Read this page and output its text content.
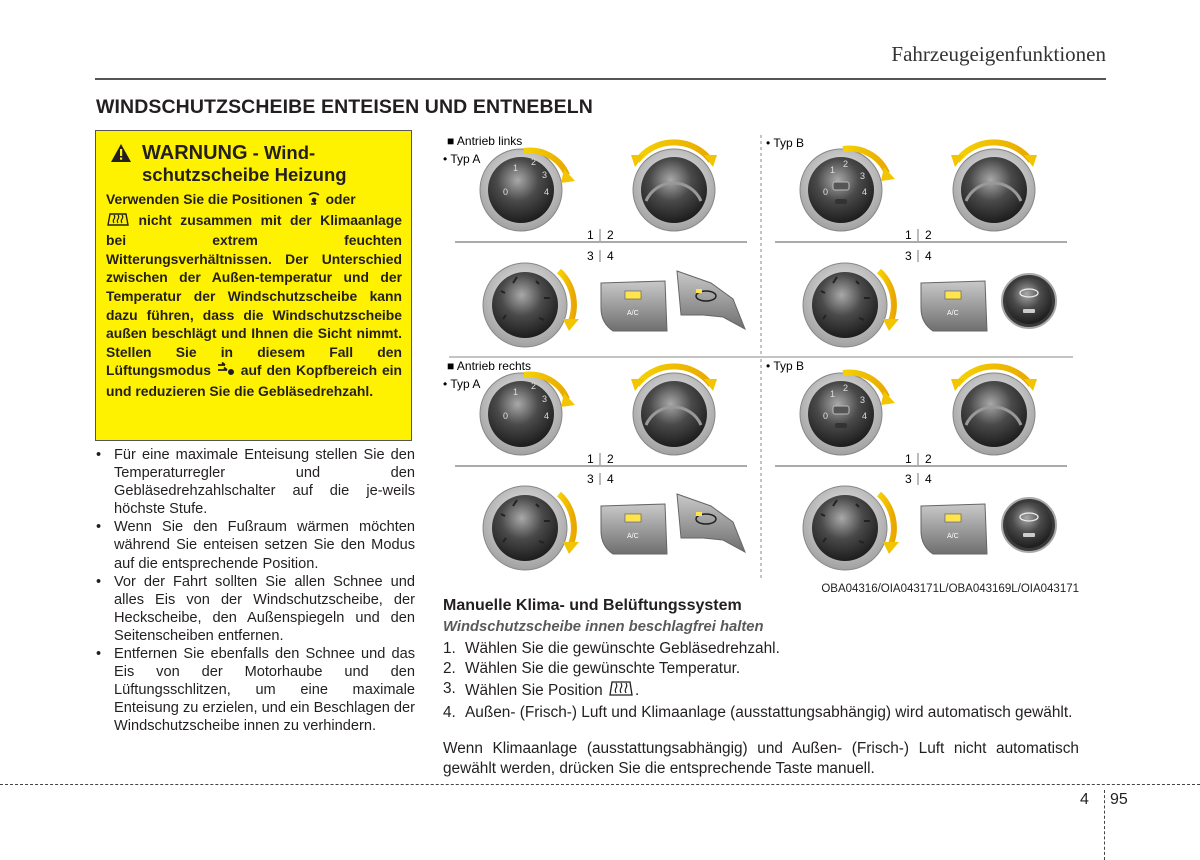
Fahrzeugeigenfunktionen
WINDSCHUTZSCHEIBE ENTEISEN UND ENTNEBELN
WARNUNG - Wind-
schutzscheibe Heizung
Verwenden Sie die Positionen oder
nicht zusammen mit der Klimaanlage bei extrem feuchten Witterungsverhältnissen. Der Unterschied zwischen der Außen-temperatur und der Temperatur der Windschutzscheibe kann dazu führen, dass die Windschutzscheibe außen beschlägt und Ihnen die Sicht nimmt. Stellen Sie in diesem Fall den Lüftungsmodus auf den Kopfbereich ein und reduzieren Sie die Gebläsedrehzahl.
• Für eine maximale Enteisung stellen Sie den Temperaturregler und den Gebläsedrehzahlschalter auf die je-weils höchste Stufe.
• Wenn Sie den Fußraum wärmen möchten während Sie enteisen setzen Sie den Modus auf die entsprechende Position.
• Vor der Fahrt sollten Sie allen Schnee und alles Eis von der Windschutzscheibe, der Heckscheibe, den Außenspiegeln und den Seitenscheiben entfernen.
• Entfernen Sie ebenfalls den Schnee und das Eis von der Motorhaube und den Lüftungsschlitzen, um eine maximale Enteisung zu erzielen, und ein Beschlagen der Windschutzscheibe innen zu verhindern.
■ Antrieb links
• Typ A
0
1
2
3
4
1 2
3 4
A/C
• Typ B
0
1
2
3
4
1 2
3 4
A/C
■ Antrieb rechts
• Typ A
0
1
2
3
4
1 2
3 4
A/C
• Typ B
0
1
2
3
4
1 2
3 4
A/C
OBA04316/OIA043171L/OBA043169L/OIA043171
Manuelle Klima- und Belüftungssystem
Windschutzscheibe innen beschlagfrei halten
1. Wählen Sie die gewünschte Gebläsedrehzahl.
2. Wählen Sie die gewünschte Temperatur.
3. Wählen Sie Position .
4. Außen- (Frisch-) Luft und Klimaanlage (ausstattungsabhängig) wird automatisch gewählt.
Wenn Klimaanlage (ausstattungsabhängig) und Außen- (Frisch-) Luft nicht automatisch gewählt werden, drücken Sie die entsprechende Taste manuell.
4 95
